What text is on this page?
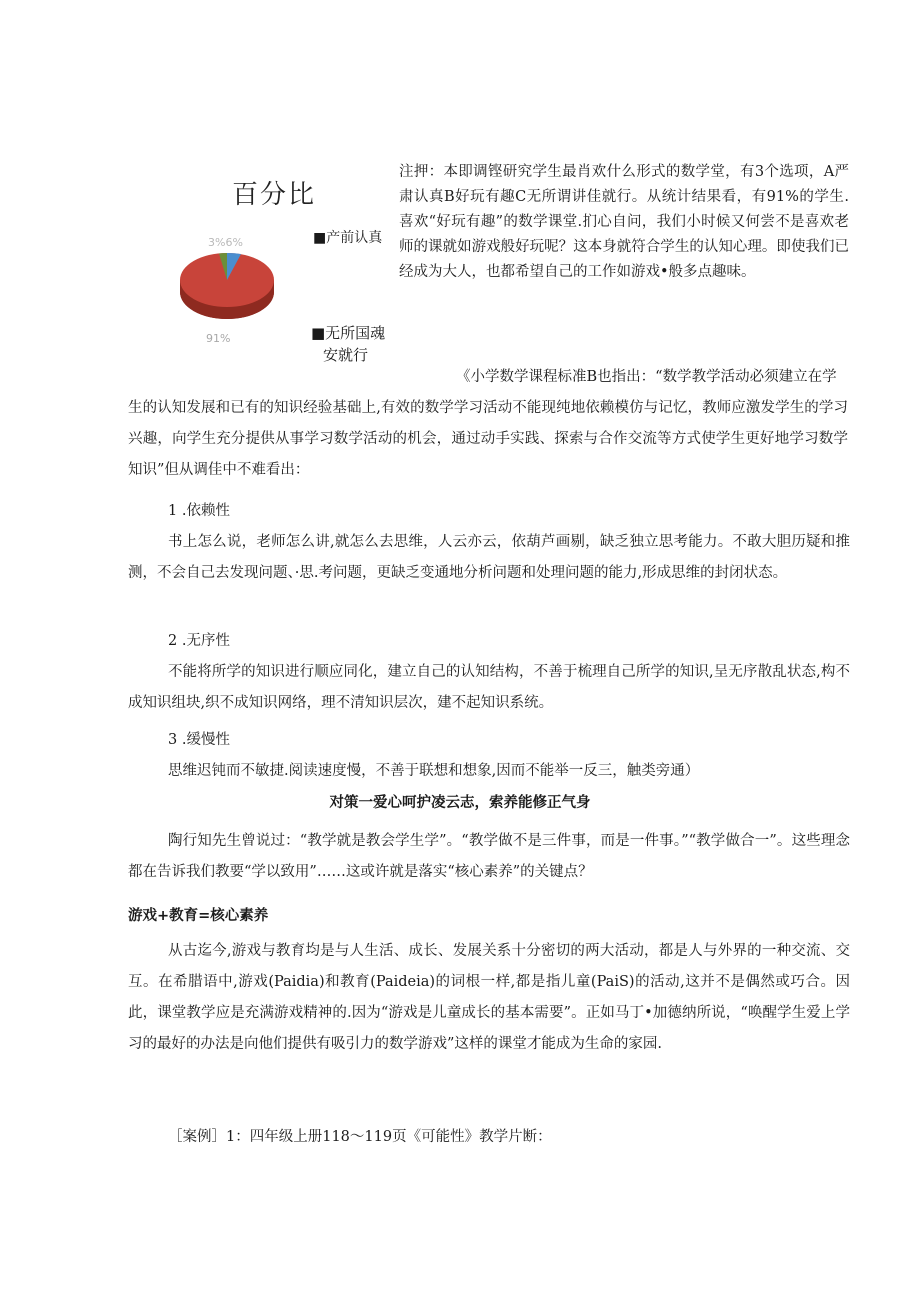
百分比
3%6%
91%
■产前认真
■无所国魂
安就行
注押：本即调铿研究学生最肖欢什么形式的数学堂，有3个选项，A严肃认真B好玩有趣C无所谓讲佳就行。从统计结果看，有91%的学生.喜欢“好玩有趣”的数学课堂.扪心自问，我们小时候又何尝不是喜欢老师的课就如游戏般好玩呢？这本身就符合学生的认知心理。即使我们已经成为大人，也都希望自己的工作如游戏•般多点趣味。
《小学数学课程标准B也指出：“数学教学活动必须建立在学
生的认知发展和已有的知识经验基础上,有效的数学学习活动不能现纯地依赖模仿与记忆，教师应激发学生的学习兴趣，向学生充分提供从事学习数学活动的机会，通过动手实践、探索与合作交流等方式使学生更好地学习数学知识”但从调佳中不难看出：
1 .依赖性
书上怎么说，老师怎么讲,就怎么去思维，人云亦云，依葫芦画剔，缺乏独立思考能力。不敢大胆历疑和推测，不会自己去发现问题、·思.考问题，更缺乏变通地分析问题和处理问题的能力,形成思维的封闭状态。
2 .无序性
不能将所学的知识进行顺应同化，建立自己的认知结构，不善于梳理自己所学的知识,呈无序散乱状态,构不成知识组块,织不成知识网络，理不清知识层次，建不起知识系统。
3 .缓慢性
思维迟钝而不敏捷.阅读速度慢，不善于联想和想象,因而不能举一反三，触类旁通）
对策一爱心呵护凌云志，索养能修正气身
陶行知先生曾说过：“教学就是教会学生学”。“教学做不是三件事，而是一件事。”“教学做合一”。这些理念都在告诉我们教要“学以致用”……这或许就是落实“核心素养”的关键点？
游戏+教育=核心素养
从古迄今,游戏与教育均是与人生活、成长、发展关系十分密切的两大活动，都是人与外界的一种交流、交互。在希腊语中,游戏(Paidia)和教育(Paideia)的词根一样,都是指儿童(PaiS)的活动,这并不是偶然或巧合。因此，课堂教学应是充满游戏精神的.因为“游戏是儿童成长的基本需要”。正如马丁•加德纳所说，“唤醒学生爱上学习的最好的办法是向他们提供有吸引力的数学游戏”这样的课堂才能成为生命的家园.
［案例］1：四年级上册118〜119页《可能性》教学片断：
